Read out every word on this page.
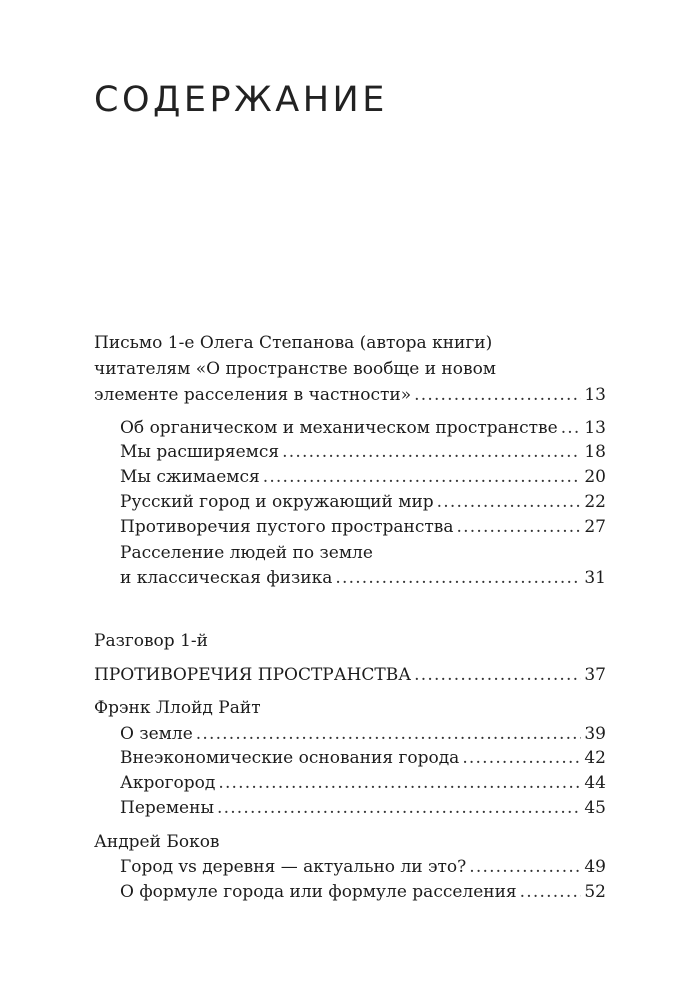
СОДЕРЖАНИЕ
Письмо 1-е Олега Степанова (автора книги)
читателям «О пространстве вообще и новом
элементе расселения в частности» .....	13
Об органическом и механическом пространстве ..... 13
Мы расширяемся .....	18
Мы сжимаемся .....	20
Русский город и окружающий мир .....	22
Противоречия пустого пространства .....	27
Расселение людей по земле
и классическая физика .....	31
Разговор 1-й
ПРОТИВОРЕЧИЯ ПРОСТРАНСТВА .....	37
Фрэнк Ллойд Райт
О земле .....	39
Внеэкономические основания города .....	42
Акрогород .....	44
Перемены .....	45
Андрей Боков
Город vs деревня — актуально ли это? .....	49
О формуле города или формуле расселения .....	52
